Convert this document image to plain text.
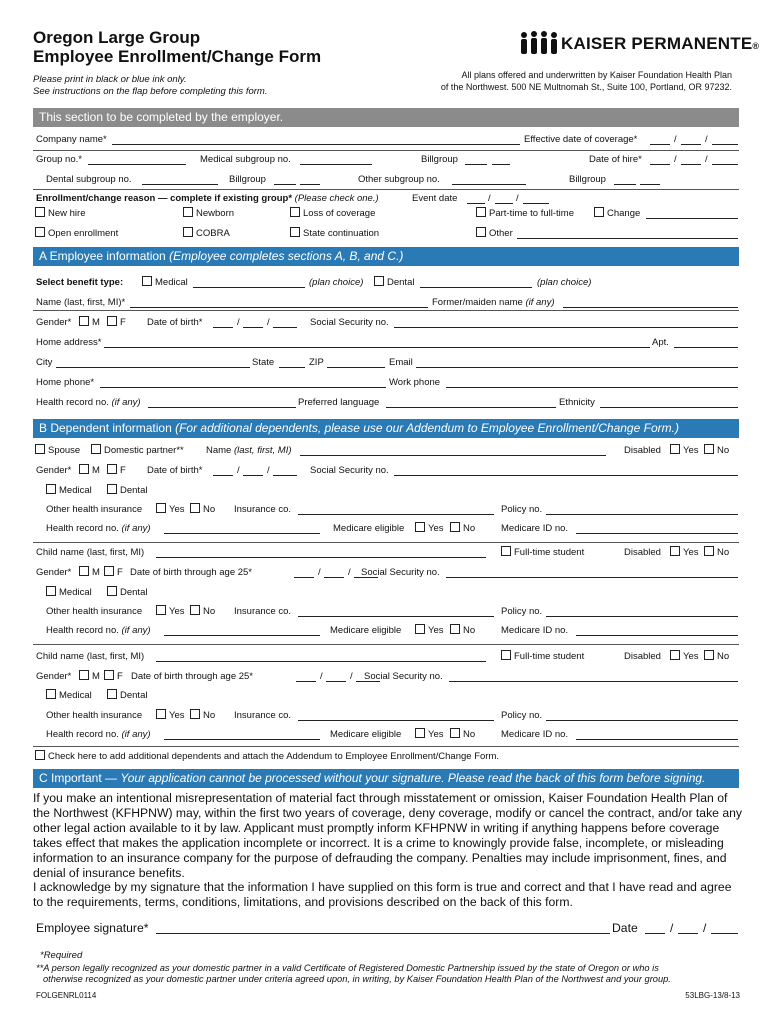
Oregon Large Group
Employee Enrollment/Change Form
Please print in black or blue ink only.
See instructions on the flap before completing this form.
KAISER PERMANENTE®
All plans offered and underwritten by Kaiser Foundation Health Plan
of the Northwest. 500 NE Multnomah St., Suite 100, Portland, OR 97232.
This section to be completed by the employer.
Company name*	Effective date of coverage*	/	/
Group no.*	Medical subgroup no.	Billgroup	Date of hire*	/	/
Dental subgroup no.	Billgroup	Other subgroup no.	Billgroup
Enrollment/change reason — complete if existing group* (Please check one.)	Event date	/	/
New hire	Newborn	Loss of coverage	Part-time to full-time	Change
Open enrollment	COBRA	State continuation	Other
A Employee information (Employee completes sections A, B, and C.)
Select benefit type:	Medical	(plan choice) Dental	(plan choice)
Name (last, first, MI)*	Former/maiden name (if any)
Gender* M F Date of birth*	/	/	Social Security no.
Home address*	Apt.
City	State	ZIP	Email
Home phone*	Work phone
Health record no. (if any)	Preferred language	Ethnicity
B Dependent information (For additional dependents, please use our Addendum to Employee Enrollment/Change Form.)
Spouse	Domestic partner** Name (last, first, MI)	Disabled Yes No
Gender* M F Date of birth*	/	/	Social Security no.
Medical	Dental
Other health insurance	Yes No Insurance co.	Policy no.
Health record no. (if any)	Medicare eligible Yes No	Medicare ID no.
Child name (last, first, MI)	Full-time student	Disabled Yes No
Gender* M F Date of birth through age 25*	/	/ Social Security no.
Medical	Dental
Other health insurance	Yes No Insurance co.	Policy no.
Health record no. (if any)	Medicare eligible	Yes No	Medicare ID no.
Child name (last, first, MI)	Full-time student	Disabled Yes No
Gender* M F Date of birth through age 25*	/	/ Social Security no.
Medical	Dental
Other health insurance	Yes No Insurance co.	Policy no.
Health record no. (if any)	Medicare eligible	Yes No	Medicare ID no.
Check here to add additional dependents and attach the Addendum to Employee Enrollment/Change Form.
C Important — Your application cannot be processed without your signature. Please read the back of this form before signing.
If you make an intentional misrepresentation of material fact through misstatement or omission, Kaiser Foundation Health Plan of the Northwest (KFHPNW) may, within the first two years of coverage, deny coverage, modify or cancel the contract, and/or take any other legal action available to it by law. Applicant must promptly inform KFHPNW in writing if anything happens before coverage takes effect that makes the application incomplete or incorrect. It is a crime to knowingly provide false, incomplete, or misleading information to an insurance company for the purpose of defrauding the company. Penalties may include imprisonment, fines, and denial of insurance benefits.
I acknowledge by my signature that the information I have supplied on this form is true and correct and that I have read and agree to the requirements, terms, conditions, limitations, and provisions described on the back of this form.
Employee signature*	Date	/ /
*Required
**A person legally recognized as your domestic partner in a valid Certificate of Registered Domestic Partnership issued by the state of Oregon or who is
otherwise recognized as your domestic partner under criteria agreed upon, in writing, by Kaiser Foundation Health Plan of the Northwest and your group.
FOLGENRL0114	53LBG-13/8-13
